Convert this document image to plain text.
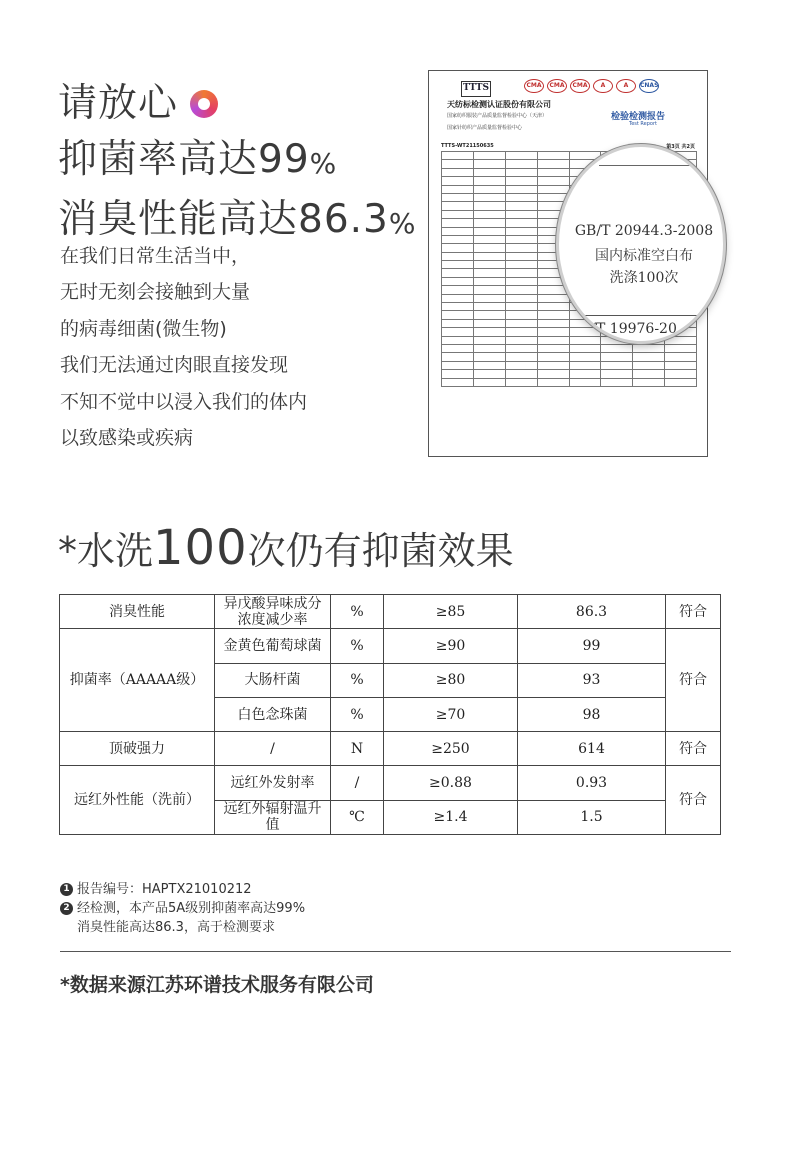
请放心
抑菌率高达99 %
消臭性能高达86.3 %
在我们日常生活当中，
无时无刻会接触到大量
的病毒细菌(微生物)
我们无法通过肉眼直接发现
不知不觉中以浸入我们的体内
以致感染或疾病
TTTS	CMA	CMA	CMA	A	A	CNAS
天纺标检测认证股份有限公司
国家纺织服装产品质量监督检验中心（天津）
国家针纺织产品质量监督检验中心
检验检测报告
Test Report
TTTS-WT21150635	第3页 共2页

GB/T 20944.3-2008
国内标准空白布
洗涤100次
B/T 19976-20
*水洗100次仍有抑菌效果
消臭性能	异戊酸异味成分浓度减少率	%	≥85	86.3	符合
抑菌率（AAAAA级）	金黄色葡萄球菌	%	≥90	99	符合
	大肠杆菌	%	≥80	93	
	白色念珠菌	%	≥70	98	
顶破强力	/	N	≥250	614	符合
远红外性能（洗前）	远红外发射率	/	≥0.88	0.93	符合
	远红外辐射温升值	℃	≥1.4	1.5	
1 报告编号：HAPTX21010212
2 经检测，本产品5A级别抑菌率高达99%
消臭性能高达86.3，高于检测要求
*数据来源江苏环谱技术服务有限公司
